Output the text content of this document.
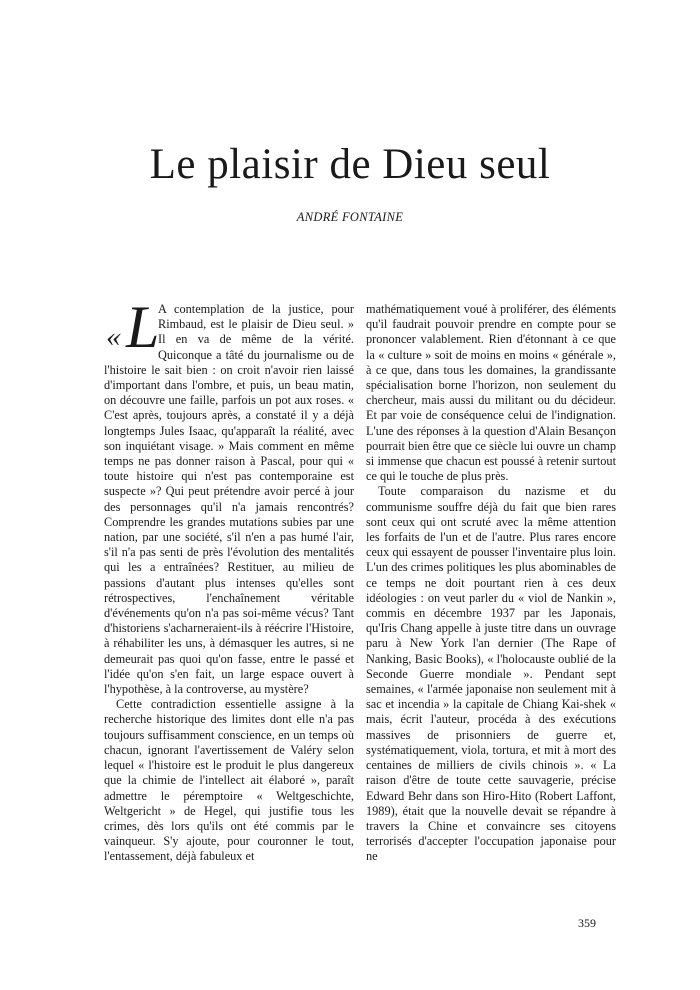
Le plaisir de Dieu seul
ANDRÉ FONTAINE

« L
A contemplation de la justice, pour Rimbaud, est le plaisir de Dieu seul. » Il en va de même de la vérité. Quiconque a tâté du journalisme ou de l'histoire le sait bien : on croit n'avoir rien laissé d'important dans l'ombre, et puis, un beau matin, on découvre une faille, parfois un pot aux roses. « C'est après, toujours après, a constaté il y a déjà longtemps Jules Isaac, qu'apparaît la réalité, avec son inquiétant visage. » Mais comment en même temps ne pas donner raison à Pascal, pour qui « toute histoire qui n'est pas contemporaine est suspecte »? Qui peut prétendre avoir percé à jour des personnages qu'il n'a jamais rencontrés? Comprendre les grandes mutations subies par une nation, par une société, s'il n'en a pas humé l'air, s'il n'a pas senti de près l'évolution des mentalités qui les a entraînées? Restituer, au milieu de passions d'autant plus intenses qu'elles sont rétrospectives, l'enchaînement véritable d'événements qu'on n'a pas soi-même vécus? Tant d'historiens s'acharneraient-ils à réécrire l'Histoire, à réhabiliter les uns, à démasquer les autres, si ne demeurait pas quoi qu'on fasse, entre le passé et l'idée qu'on s'en fait, un large espace ouvert à l'hypothèse, à la controverse, au mystère?

Cette contradiction essentielle assigne à la recherche historique des limites dont elle n'a pas toujours suffisamment conscience, en un temps où chacun, ignorant l'avertissement de Valéry selon lequel « l'histoire est le produit le plus dangereux que la chimie de l'intellect ait élaboré », paraît admettre le péremptoire « Weltgeschichte, Weltgericht » de Hegel, qui justifie tous les crimes, dès lors qu'ils ont été commis par le vainqueur. S'y ajoute, pour couronner le tout, l'entassement, déjà fabuleux et

mathématiquement voué à proliférer, des éléments qu'il faudrait pouvoir prendre en compte pour se prononcer valablement. Rien d'étonnant à ce que la « culture » soit de moins en moins « générale », à ce que, dans tous les domaines, la grandissante spécialisation borne l'horizon, non seulement du chercheur, mais aussi du militant ou du décideur. Et par voie de conséquence celui de l'indignation. L'une des réponses à la question d'Alain Besançon pourrait bien être que ce siècle lui ouvre un champ si immense que chacun est poussé à retenir surtout ce qui le touche de plus près.

Toute comparaison du nazisme et du communisme souffre déjà du fait que bien rares sont ceux qui ont scruté avec la même attention les forfaits de l'un et de l'autre. Plus rares encore ceux qui essayent de pousser l'inventaire plus loin. L'un des crimes politiques les plus abominables de ce temps ne doit pourtant rien à ces deux idéologies : on veut parler du « viol de Nankin », commis en décembre 1937 par les Japonais, qu'Iris Chang appelle à juste titre dans un ouvrage paru à New York l'an dernier (The Rape of Nanking, Basic Books), « l'holocauste oublié de la Seconde Guerre mondiale ». Pendant sept semaines, « l'armée japonaise non seulement mit à sac et incendia » la capitale de Chiang Kai-shek « mais, écrit l'auteur, procéda à des exécutions massives de prisonniers de guerre et, systématiquement, viola, tortura, et mit à mort des centaines de milliers de civils chinois ». « La raison d'être de toute cette sauvagerie, précise Edward Behr dans son Hiro-Hito (Robert Laffont, 1989), était que la nouvelle devait se répandre à travers la Chine et convaincre ses citoyens terrorisés d'accepter l'occupation japonaise pour ne

359
